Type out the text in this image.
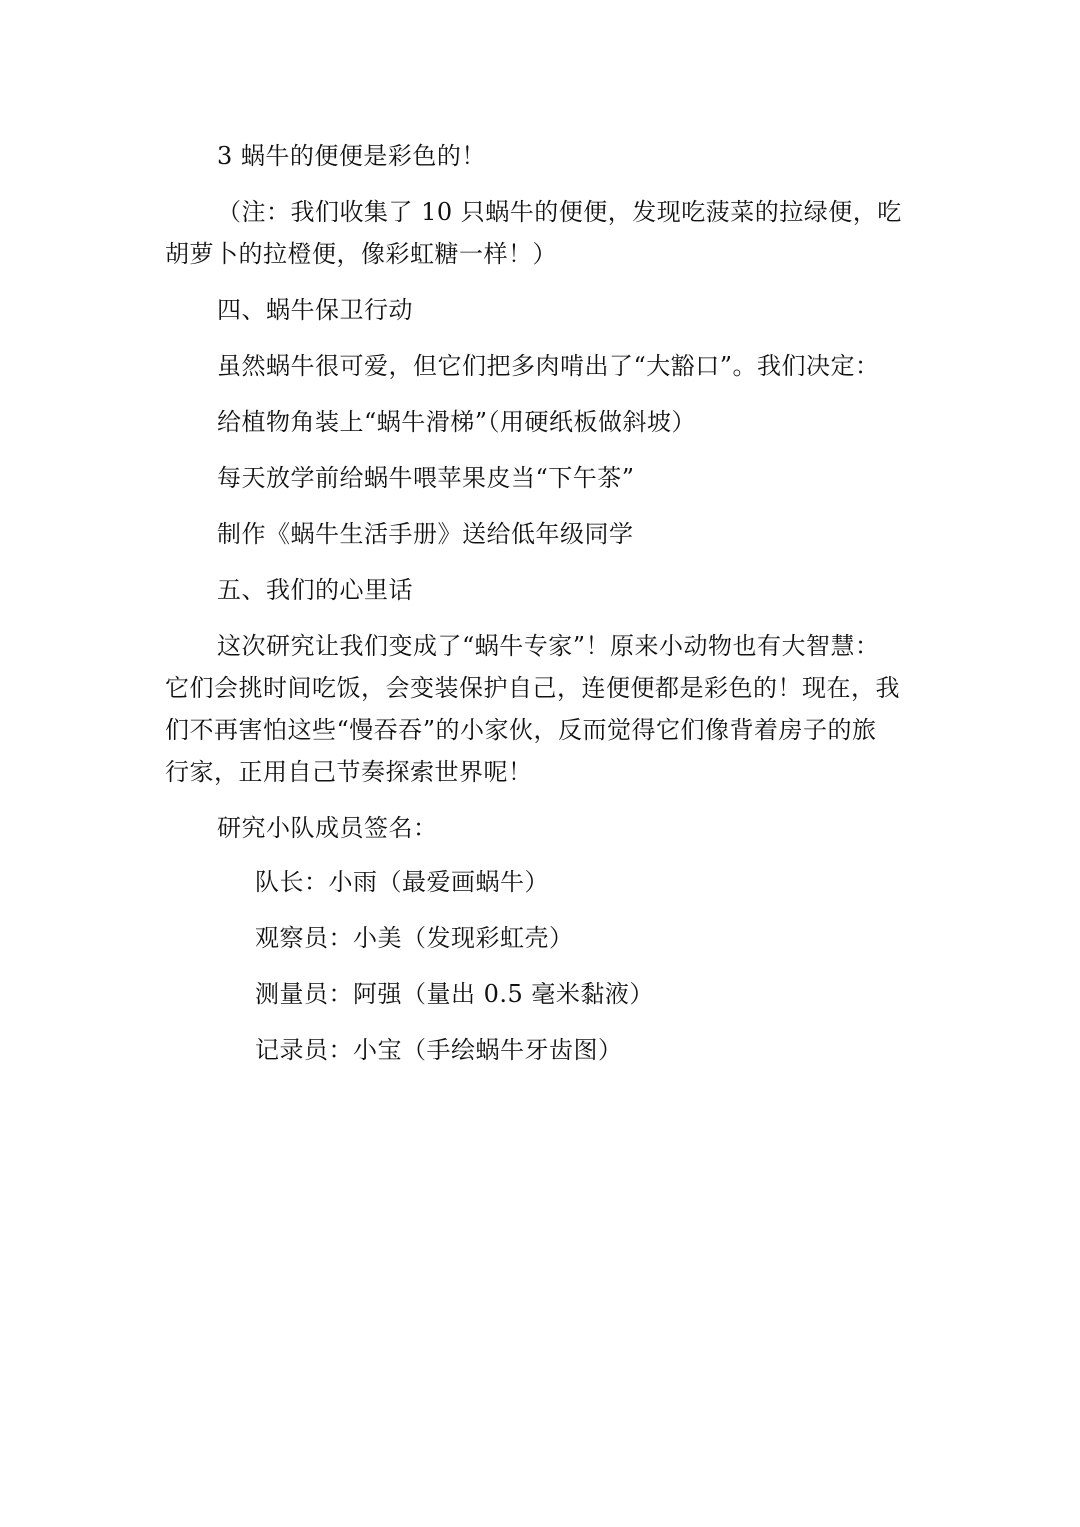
3 蜗牛的便便是彩色的！
（注：我们收集了 10 只蜗牛的便便，发现吃菠菜的拉绿便，吃
胡萝卜的拉橙便，像彩虹糖一样！）
四、蜗牛保卫行动
虽然蜗牛很可爱，但它们把多肉啃出了“大豁口”。我们决定：
给植物角装上“蜗牛滑梯”（用硬纸板做斜坡）
每天放学前给蜗牛喂苹果皮当“下午茶”
制作《蜗牛生活手册》送给低年级同学
五、我们的心里话
这次研究让我们变成了“蜗牛专家”！原来小动物也有大智慧：
它们会挑时间吃饭，会变装保护自己，连便便都是彩色的！现在，我
们不再害怕这些“慢吞吞”的小家伙，反而觉得它们像背着房子的旅
行家，正用自己节奏探索世界呢！
研究小队成员签名：
队长：小雨（最爱画蜗牛）
观察员：小美（发现彩虹壳）
测量员：阿强（量出 0.5 毫米黏液）
记录员：小宝（手绘蜗牛牙齿图）
